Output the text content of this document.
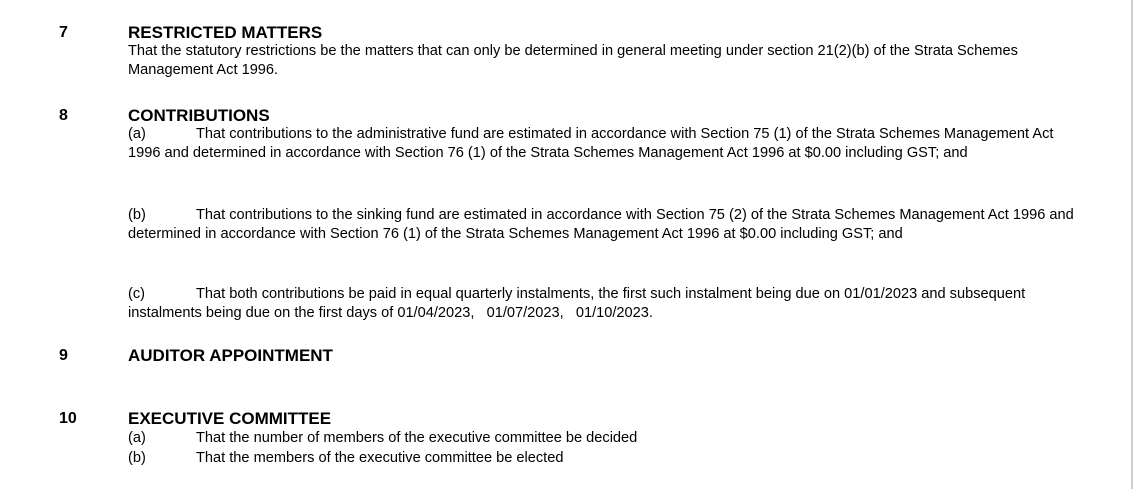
7	RESTRICTED MATTERS

That the statutory restrictions be the matters that can only be determined in general meeting under section 21(2)(b) of the Strata Schemes Management Act 1996.

8	CONTRIBUTIONS

(a)	That contributions to the administrative fund are estimated in accordance with Section 75 (1) of the Strata Schemes Management Act 1996 and determined in accordance with Section 76 (1) of the Strata Schemes Management Act 1996 at $0.00 including GST; and

(b)	That contributions to the sinking fund are estimated in accordance with Section 75 (2) of the Strata Schemes Management Act 1996 and determined in accordance with Section 76 (1) of the Strata Schemes Management Act 1996 at $0.00 including GST; and

(c)	That both contributions be paid in equal quarterly instalments, the first such instalment being due on 01/01/2023 and subsequent instalments being due on the first days of 01/04/2023,   01/07/2023,   01/10/2023.

9	AUDITOR APPOINTMENT
10	EXECUTIVE COMMITTEE
(a)	That the number of members of the executive committee be decided
(b)	That the members of the executive committee be elected
